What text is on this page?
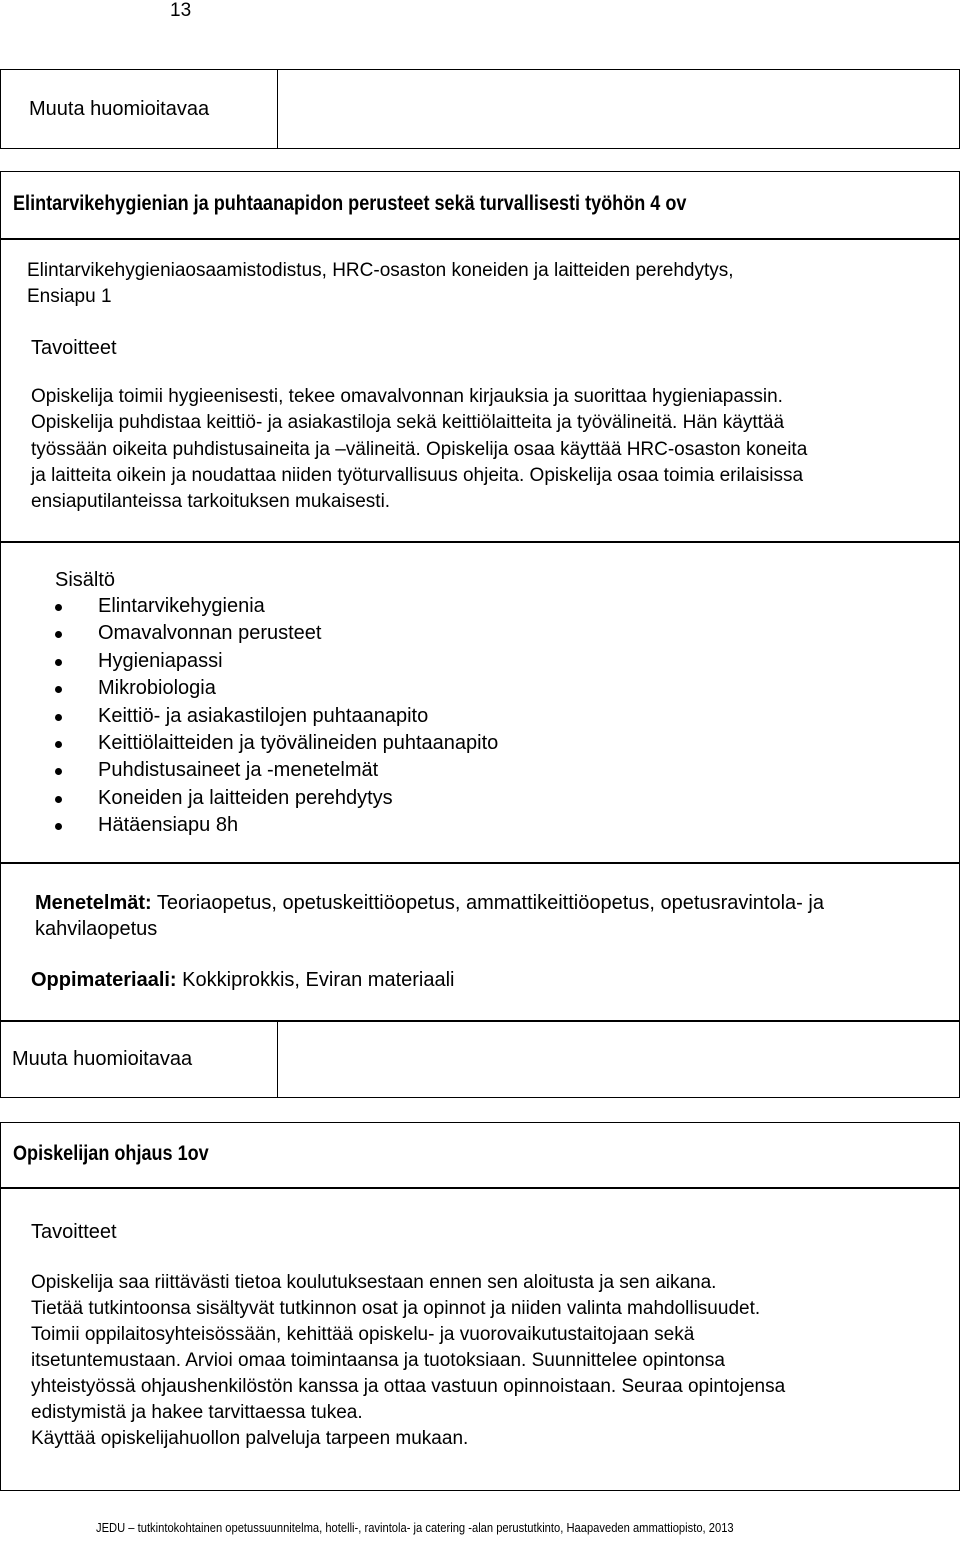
13
Muuta huomioitavaa
Elintarvikehygienian ja puhtaanapidon perusteet sekä turvallisesti työhön 4 ov
Elintarvikehygieniaosaamistodistus, HRC-osaston koneiden ja laitteiden perehdytys,
Ensiapu 1
Tavoitteet
Opiskelija toimii hygieenisesti, tekee omavalvonnan kirjauksia ja suorittaa hygieniapassin.
Opiskelija puhdistaa keittiö- ja asiakastiloja sekä keittiölaitteita ja työvälineitä. Hän käyttää
työssään oikeita puhdistusaineita ja –välineitä. Opiskelija osaa käyttää HRC-osaston koneita
ja laitteita oikein ja noudattaa niiden työturvallisuus ohjeita. Opiskelija osaa toimia erilaisissa
ensiaputilanteissa tarkoituksen mukaisesti.
Sisältö
Elintarvikehygienia
Omavalvonnan perusteet
Hygieniapassi
Mikrobiologia
Keittiö- ja asiakastilojen puhtaanapito
Keittiölaitteiden ja työvälineiden puhtaanapito
Puhdistusaineet ja -menetelmät
Koneiden ja laitteiden perehdytys
Hätäensiapu 8h
Menetelmät: Teoriaopetus, opetuskeittiöopetus, ammattikeittiöopetus, opetusravintola- ja
kahvilaopetus
Oppimateriaali: Kokkiprokkis, Eviran materiaali
Muuta huomioitavaa
Opiskelijan ohjaus 1ov
Tavoitteet
Opiskelija saa riittävästi tietoa koulutuksestaan ennen sen aloitusta ja sen aikana.
Tietää tutkintoonsa sisältyvät tutkinnon osat ja opinnot ja niiden valinta mahdollisuudet.
Toimii oppilaitosyhteisössään, kehittää opiskelu- ja vuorovaikutustaitojaan sekä
itsetuntemustaan. Arvioi omaa toimintaansa ja tuotoksiaan. Suunnittelee opintonsa
yhteistyössä ohjaushenkilöstön kanssa ja ottaa vastuun opinnoistaan. Seuraa opintojensa
edistymistä ja hakee tarvittaessa tukea.
Käyttää opiskelijahuollon palveluja tarpeen mukaan.
JEDU – tutkintokohtainen opetussuunnitelma, hotelli-, ravintola- ja catering -alan perustutkinto, Haapaveden ammattiopisto, 2013
